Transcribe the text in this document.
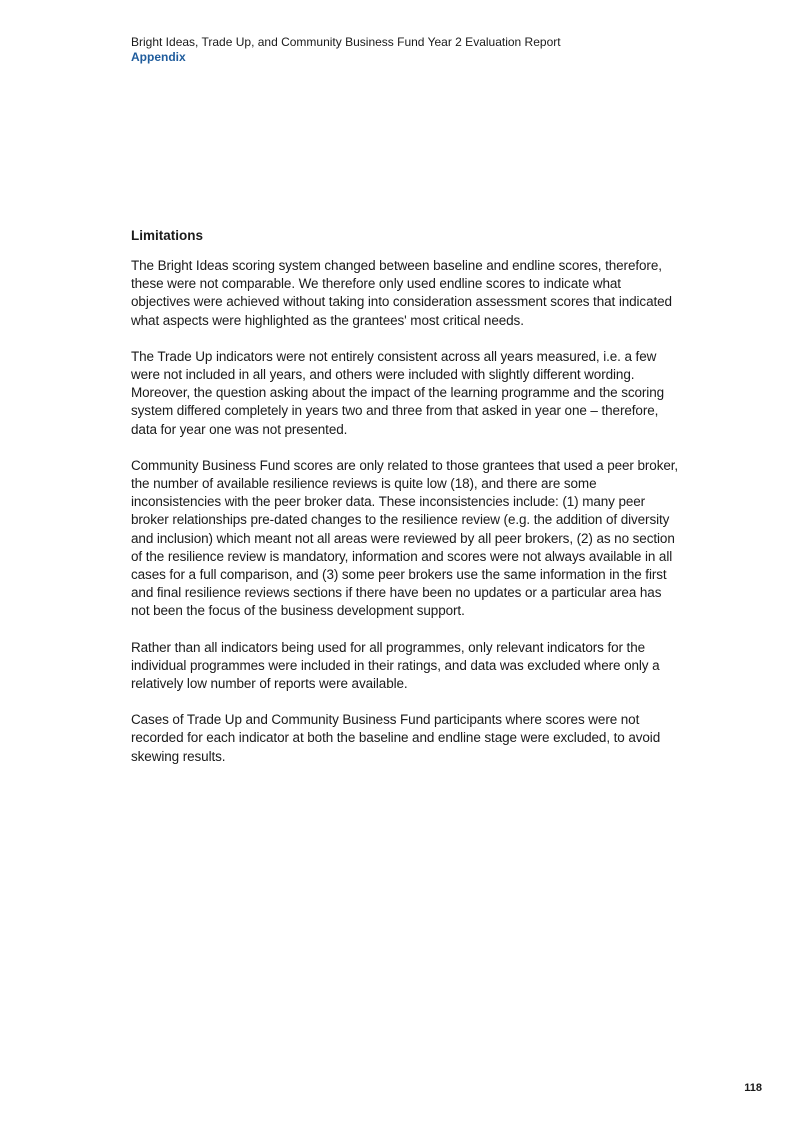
Bright Ideas, Trade Up, and Community Business Fund Year 2 Evaluation Report
Appendix
Limitations

The Bright Ideas scoring system changed between baseline and endline scores, therefore, these were not comparable. We therefore only used endline scores to indicate what objectives were achieved without taking into consideration assessment scores that indicated what aspects were highlighted as the grantees' most critical needs.

The Trade Up indicators were not entirely consistent across all years measured, i.e. a few were not included in all years, and others were included with slightly different wording. Moreover, the question asking about the impact of the learning programme and the scoring system differed completely in years two and three from that asked in year one – therefore, data for year one was not presented.

Community Business Fund scores are only related to those grantees that used a peer broker, the number of available resilience reviews is quite low (18), and there are some inconsistencies with the peer broker data. These inconsistencies include: (1) many peer broker relationships pre-dated changes to the resilience review (e.g. the addition of diversity and inclusion) which meant not all areas were reviewed by all peer brokers, (2) as no section of the resilience review is mandatory, information and scores were not always available in all cases for a full comparison, and (3) some peer brokers use the same information in the first and final resilience reviews sections if there have been no updates or a particular area has not been the focus of the business development support.

Rather than all indicators being used for all programmes, only relevant indicators for the individual programmes were included in their ratings, and data was excluded where only a relatively low number of reports were available.

Cases of Trade Up and Community Business Fund participants where scores were not recorded for each indicator at both the baseline and endline stage were excluded, to avoid skewing results.

118
